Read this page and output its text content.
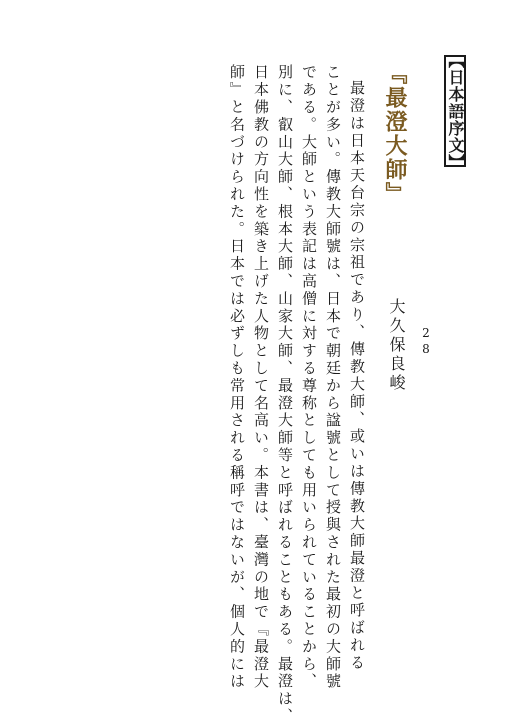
【日本語序文】
『最澄大師』
最澄は日本天台宗の宗祖であり、傳教大師、或いは傳教大師最澄と呼ばれる
ことが多い。傳教大師號は、日本で朝廷から諡號として授與された最初の大師號
である。大師という表記は高僧に対する尊称としても用いられていることから、
別に、叡山大師、根本大師、山家大師、最澄大師等と呼ばれることもある。最澄は、
日本佛教の方向性を築き上げた人物として名高い。本書は、臺灣の地で『最澄大
師』と名づけられた。日本では必ずしも常用される稱呼ではないが、個人的には	大久保良峻 28
